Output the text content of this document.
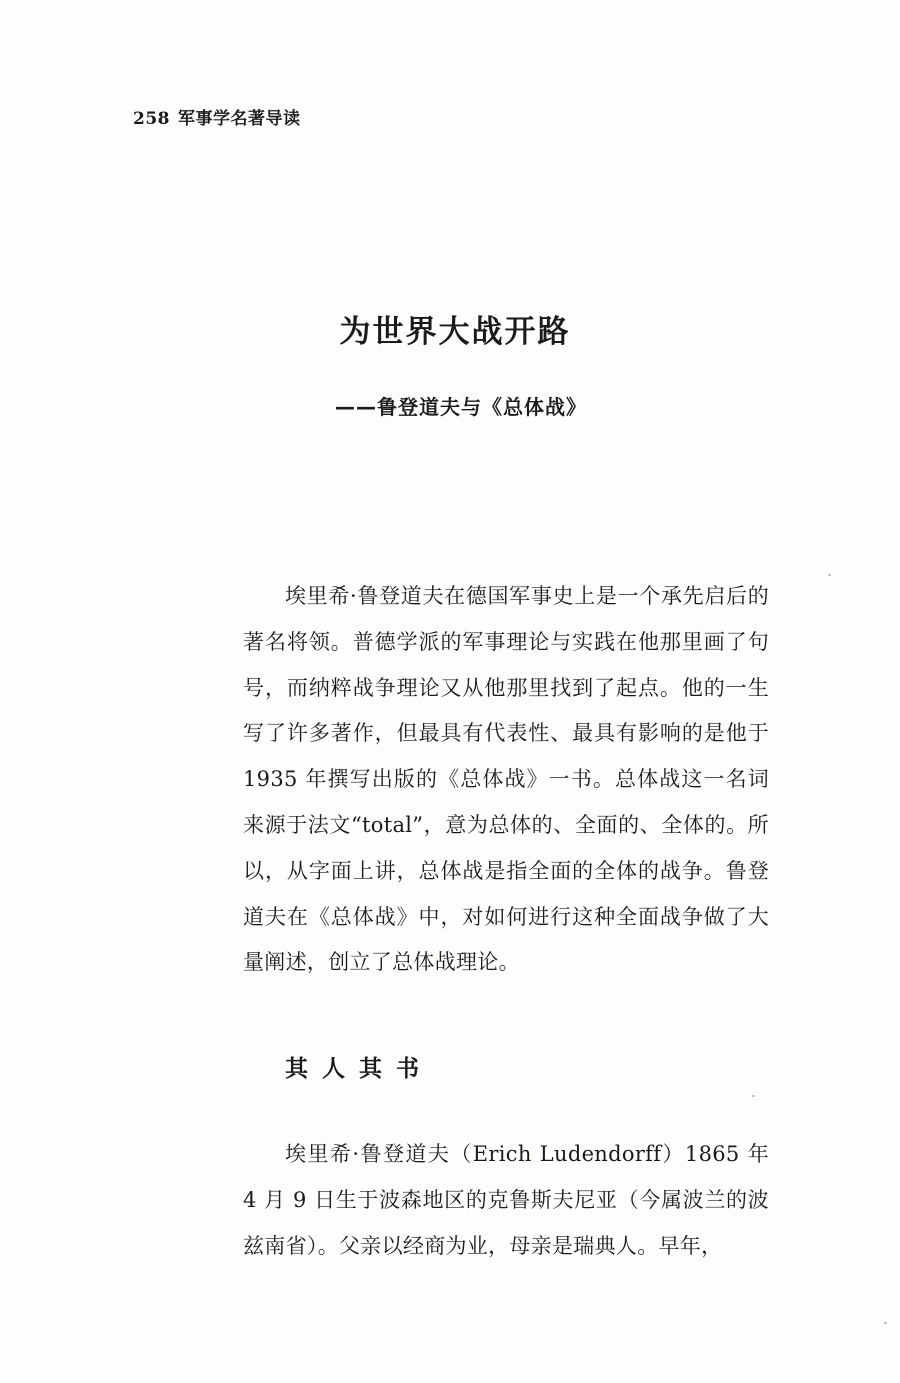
258 军事学名著导读
为世界大战开路
——鲁登道夫与《总体战》

埃里希·鲁登道夫在德国军事史上是一个承先启后的著名将领。普德学派的军事理论与实践在他那里画了句号，而纳粹战争理论又从他那里找到了起点。他的一生写了许多著作，但最具有代表性、最具有影响的是他于 1935 年撰写出版的《总体战》一书。总体战这一名词来源于法文“total”，意为总体的、全面的、全体的。所以，从字面上讲，总体战是指全面的全体的战争。鲁登道夫在《总体战》中，对如何进行这种全面战争做了大量阐述，创立了总体战理论。

其人其书

埃里希·鲁登道夫（Erich Ludendorff）1865 年 4 月 9 日生于波森地区的克鲁斯夫尼亚（今属波兰的波兹南省）。父亲以经商为业，母亲是瑞典人。早年，
